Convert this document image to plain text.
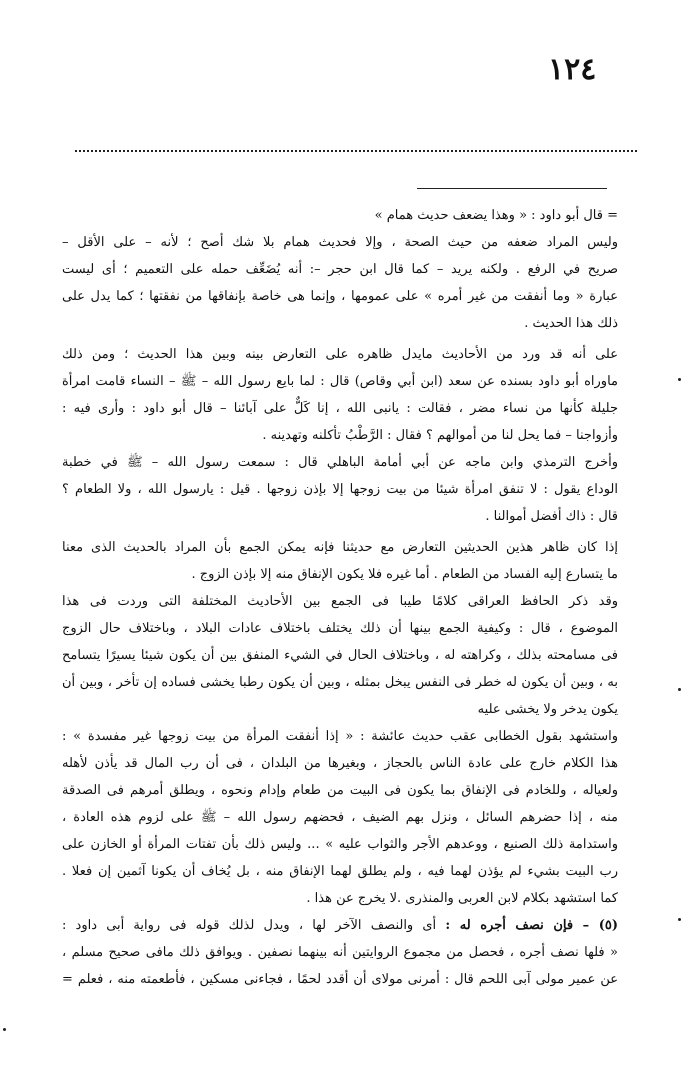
١٢٤
= قال أبو داود : « وهذا يضعف حديث همام »
وليس المراد ضعفه من حيث الصحة ، وإلا فحديث همام بلا شك أصح ؛ لأنه – على الأقل –
صريح في الرفع . ولكنه يريد – كما قال ابن حجر –: أنه يُضَعِّف حمله على التعميم ؛ أى ليست
عبارة « وما أنفقت من غير أمره » على عمومها ، وإنما هى خاصة بإنفاقها من نفقتها ؛ كما يدل على
ذلك هذا الحديث .
على أنه قد ورد من الأحاديث مايدل ظاهره على التعارض بينه وبين هذا الحديث ؛ ومن ذلك
ماوراه أبو داود بسنده عن سعد (ابن أبي وقاص) قال : لما بايع رسول الله – ﷺ – النساء قامت امرأة
جليلة كأنها من نساء مضر ، فقالت : يانبى الله ، إنا كَلٌّ على آبائنا – قال أبو داود : وأرى فيه :
وأزواجنا – فما يحل لنا من أموالهم ؟ فقال : الرَّطْبُ تأكلنه وتهدينه .
وأخرج الترمذي وابن ماجه عن أبي أمامة الباهلي قال : سمعت رسول الله – ﷺ في خطبة
الوداع يقول : لا تنفق امرأة شيئا من بيت زوجها إلا بإذن زوجها . قيل : يارسول الله ، ولا الطعام ؟
قال : ذاك أفضل أموالنا .
إذا كان ظاهر هذين الحديثين التعارض مع حديثنا فإنه يمكن الجمع بأن المراد بالحديث الذى معنا
ما يتسارع إليه الفساد من الطعام . أما غيره فلا يكون الإنفاق منه إلا بإذن الزوج .
وقد ذكر الحافظ العراقى كلامًا طيبا فى الجمع بين الأحاديث المختلفة التى وردت فى هذا
الموضوع ، قال : وكيفية الجمع بينها أن ذلك يختلف باختلاف عادات البلاد ، وباختلاف حال الزوج
فى مسامحته بذلك ، وكراهته له ، وباختلاف الحال في الشيء المنفق بين أن يكون شيئا يسيرًا يتسامح
به ، وبين أن يكون له خطر فى النفس يبخل بمثله ، وبين أن يكون رطبا يخشى فساده إن تأخر ، وبين أن
يكون يدخر ولا يخشى عليه
واستشهد بقول الخطابى عقب حديث عائشة : « إذا أنفقت المرأة من بيت زوجها غير مفسدة » :
هذا الكلام خارج على عادة الناس بالحجاز ، وبغيرها من البلدان ، فى أن رب المال قد يأذن لأهله
ولعياله ، وللخادم فى الإنفاق بما يكون فى البيت من طعام وإدام ونحوه ، ويطلق أمرهم فى الصدقة
منه ، إذا حضرهم السائل ، ونزل بهم الضيف ، فحضهم رسول الله – ﷺ على لزوم هذه العادة ،
واستدامة ذلك الصنيع ، ووعدهم الأجر والثواب عليه » ... وليس ذلك بأن تفتات المرأة أو الخازن على
رب البيت بشيء لم يؤذن لهما فيه ، ولم يطلق لهما الإنفاق منه ، بل يُخاف أن يكونا آثمين إن فعلا .
كما استشهد بكلام لابن العربى والمنذرى .لا يخرج عن هذا .
(٥) – فإن نصف أجره له : أى والنصف الآخر لها ، ويدل لذلك قوله فى رواية أبى داود :
« فلها نصف أجره ، فحصل من مجموع الروايتين أنه بينهما نصفين . ويوافق ذلك مافى صحيح مسلم ،
عن عمير مولى آبى اللحم قال : أمرنى مولاى أن أقدد لحمًا ، فجاءنى مسكين ، فأطعمته منه ، فعلم =
